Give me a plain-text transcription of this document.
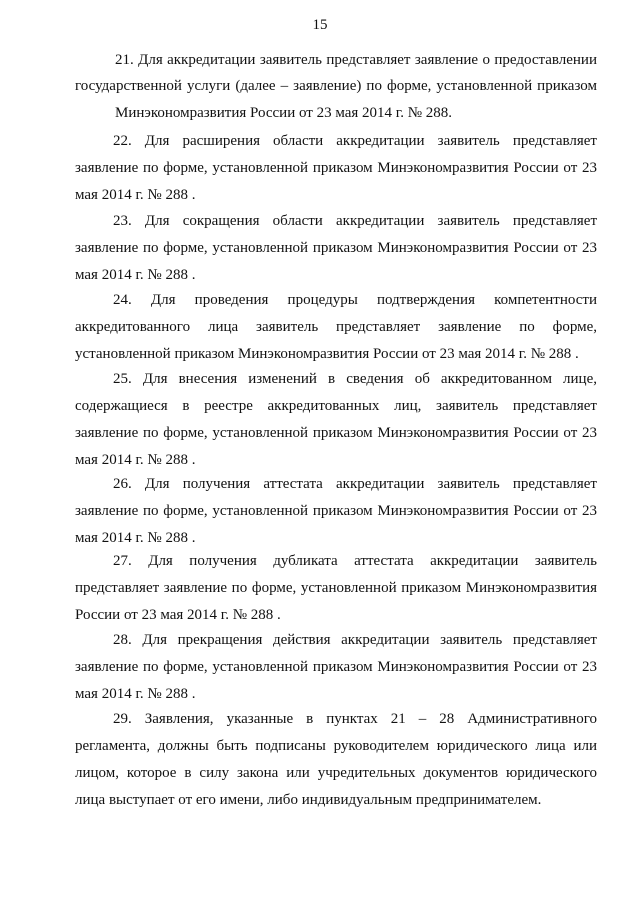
15
21. Для аккредитации заявитель представляет заявление о предоставлении
государственной услуги (далее – заявление) по форме, установленной приказом
Минэкономразвития России от 23 мая 2014 г. № 288.

22. Для расширения области аккредитации заявитель представляет заявление по форме, установленной приказом Минэкономразвития России от 23 мая 2014 г. № 288 .

23. Для сокращения области аккредитации заявитель представляет заявление по форме, установленной приказом Минэкономразвития России от 23 мая 2014 г. № 288 .

24. Для проведения процедуры подтверждения компетентности аккредитованного лица заявитель представляет заявление по форме, установленной приказом Минэкономразвития России от 23 мая 2014 г. № 288 .

25. Для внесения изменений в сведения об аккредитованном лице, содержащиеся в реестре аккредитованных лиц, заявитель представляет заявление по форме, установленной приказом Минэкономразвития России от 23 мая 2014 г. № 288 .

26. Для получения аттестата аккредитации заявитель представляет заявление по форме, установленной приказом Минэкономразвития России от 23 мая 2014 г. № 288 .

27. Для получения дубликата аттестата аккредитации заявитель представляет заявление по форме, установленной приказом Минэкономразвития России от 23 мая 2014 г. № 288 .

28. Для прекращения действия аккредитации заявитель представляет заявление по форме, установленной приказом Минэкономразвития России от 23 мая 2014 г. № 288 .

29. Заявления, указанные в пунктах 21 – 28 Административного регламента, должны быть подписаны руководителем юридического лица или лицом, которое в силу закона или учредительных документов юридического лица выступает от его имени, либо индивидуальным предпринимателем.
